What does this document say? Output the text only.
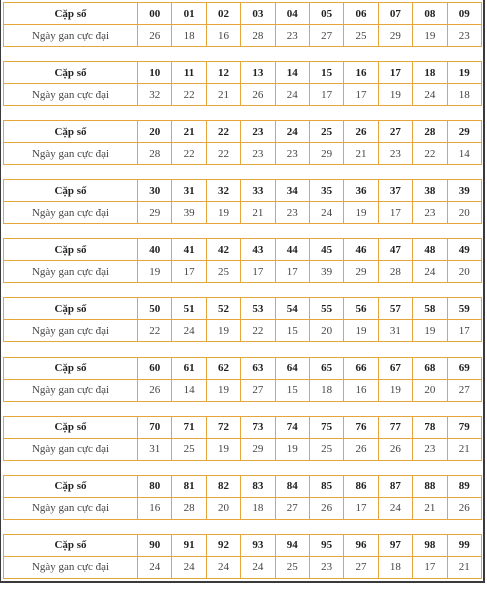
Cặp số	00	01	02	03	04	05	06	07	08	09
Ngày gan cực đại	26	18	16	28	23	27	25	29	19	23
Cặp số	10	11	12	13	14	15	16	17	18	19
Ngày gan cực đại	32	22	21	26	24	17	17	19	24	18
Cặp số	20	21	22	23	24	25	26	27	28	29
Ngày gan cực đại	28	22	22	23	23	29	21	23	22	14
Cặp số	30	31	32	33	34	35	36	37	38	39
Ngày gan cực đại	29	39	19	21	23	24	19	17	23	20
Cặp số	40	41	42	43	44	45	46	47	48	49
Ngày gan cực đại	19	17	25	17	17	39	29	28	24	20
Cặp số	50	51	52	53	54	55	56	57	58	59
Ngày gan cực đại	22	24	19	22	15	20	19	31	19	17
Cặp số	60	61	62	63	64	65	66	67	68	69
Ngày gan cực đại	26	14	19	27	15	18	16	19	20	27
Cặp số	70	71	72	73	74	75	76	77	78	79
Ngày gan cực đại	31	25	19	29	19	25	26	26	23	21
Cặp số	80	81	82	83	84	85	86	87	88	89
Ngày gan cực đại	16	28	20	18	27	26	17	24	21	26
Cặp số	90	91	92	93	94	95	96	97	98	99
Ngày gan cực đại	24	24	24	24	25	23	27	18	17	21
